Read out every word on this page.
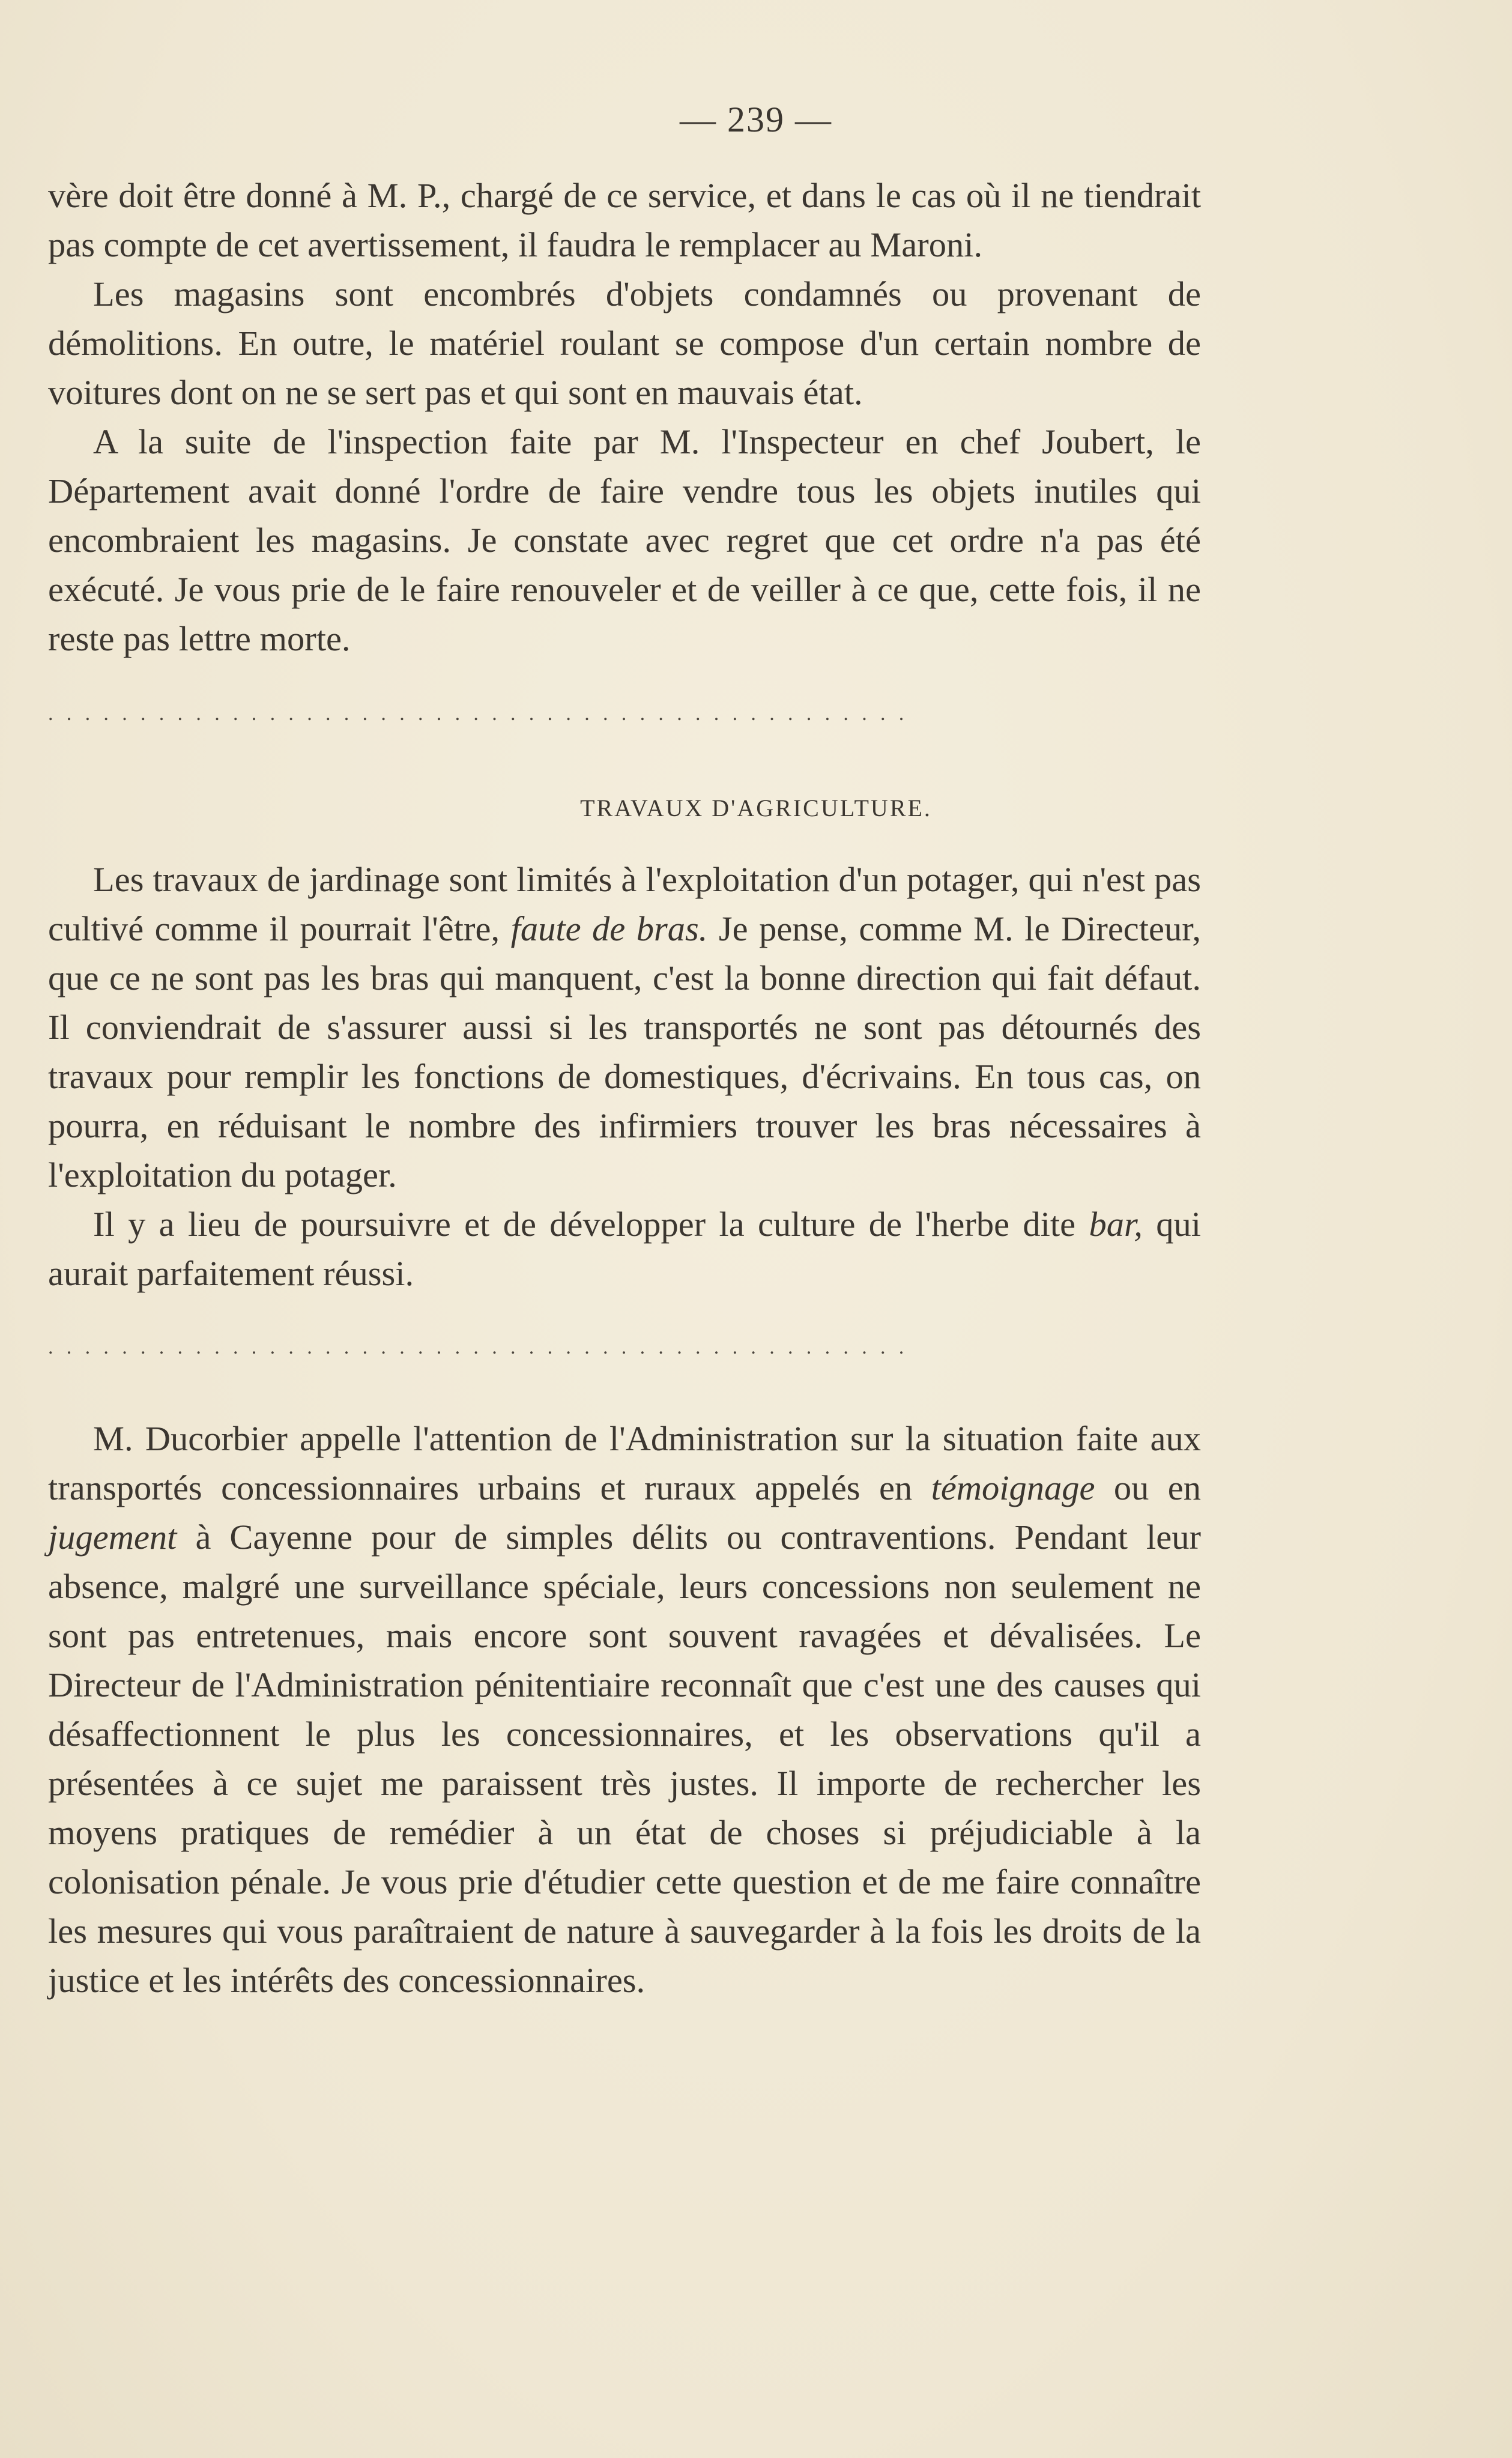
— 239 —

vère doit être donné à M. P., chargé de ce service, et dans le cas où il ne tiendrait pas compte de cet avertissement, il faudra le remplacer au Maroni.

Les magasins sont encombrés d'objets condamnés ou provenant de démolitions. En outre, le matériel roulant se compose d'un certain nombre de voitures dont on ne se sert pas et qui sont en mauvais état.

A la suite de l'inspection faite par M. l'Inspecteur en chef Joubert, le Département avait donné l'ordre de faire vendre tous les objets inutiles qui encombraient les magasins. Je constate avec regret que cet ordre n'a pas été exécuté. Je vous prie de le faire renouveler et de veiller à ce que, cette fois, il ne reste pas lettre morte.

...............................................
TRAVAUX D'AGRICULTURE.

Les travaux de jardinage sont limités à l'exploitation d'un potager, qui n'est pas cultivé comme il pourrait l'être, faute de bras. Je pense, comme M. le Directeur, que ce ne sont pas les bras qui manquent, c'est la bonne direction qui fait défaut. Il conviendrait de s'assurer aussi si les transportés ne sont pas détournés des travaux pour remplir les fonctions de domestiques, d'écrivains. En tous cas, on pourra, en réduisant le nombre des infirmiers trouver les bras nécessaires à l'exploitation du potager.

Il y a lieu de poursuivre et de développer la culture de l'herbe dite bar, qui aurait parfaitement réussi.

...............................................

M. Ducorbier appelle l'attention de l'Administration sur la situation faite aux transportés concessionnaires urbains et ruraux appelés en témoignage ou en jugement à Cayenne pour de simples délits ou contraventions. Pendant leur absence, malgré une surveillance spéciale, leurs concessions non seulement ne sont pas entretenues, mais encore sont souvent ravagées et dévalisées. Le Directeur de l'Administration pénitentiaire reconnaît que c'est une des causes qui désaffectionnent le plus les concessionnaires, et les observations qu'il a présentées à ce sujet me paraissent très justes. Il importe de rechercher les moyens pratiques de remédier à un état de choses si préjudiciable à la colonisation pénale. Je vous prie d'étudier cette question et de me faire connaître les mesures qui vous paraîtraient de nature à sauvegarder à la fois les droits de la justice et les intérêts des concessionnaires.
